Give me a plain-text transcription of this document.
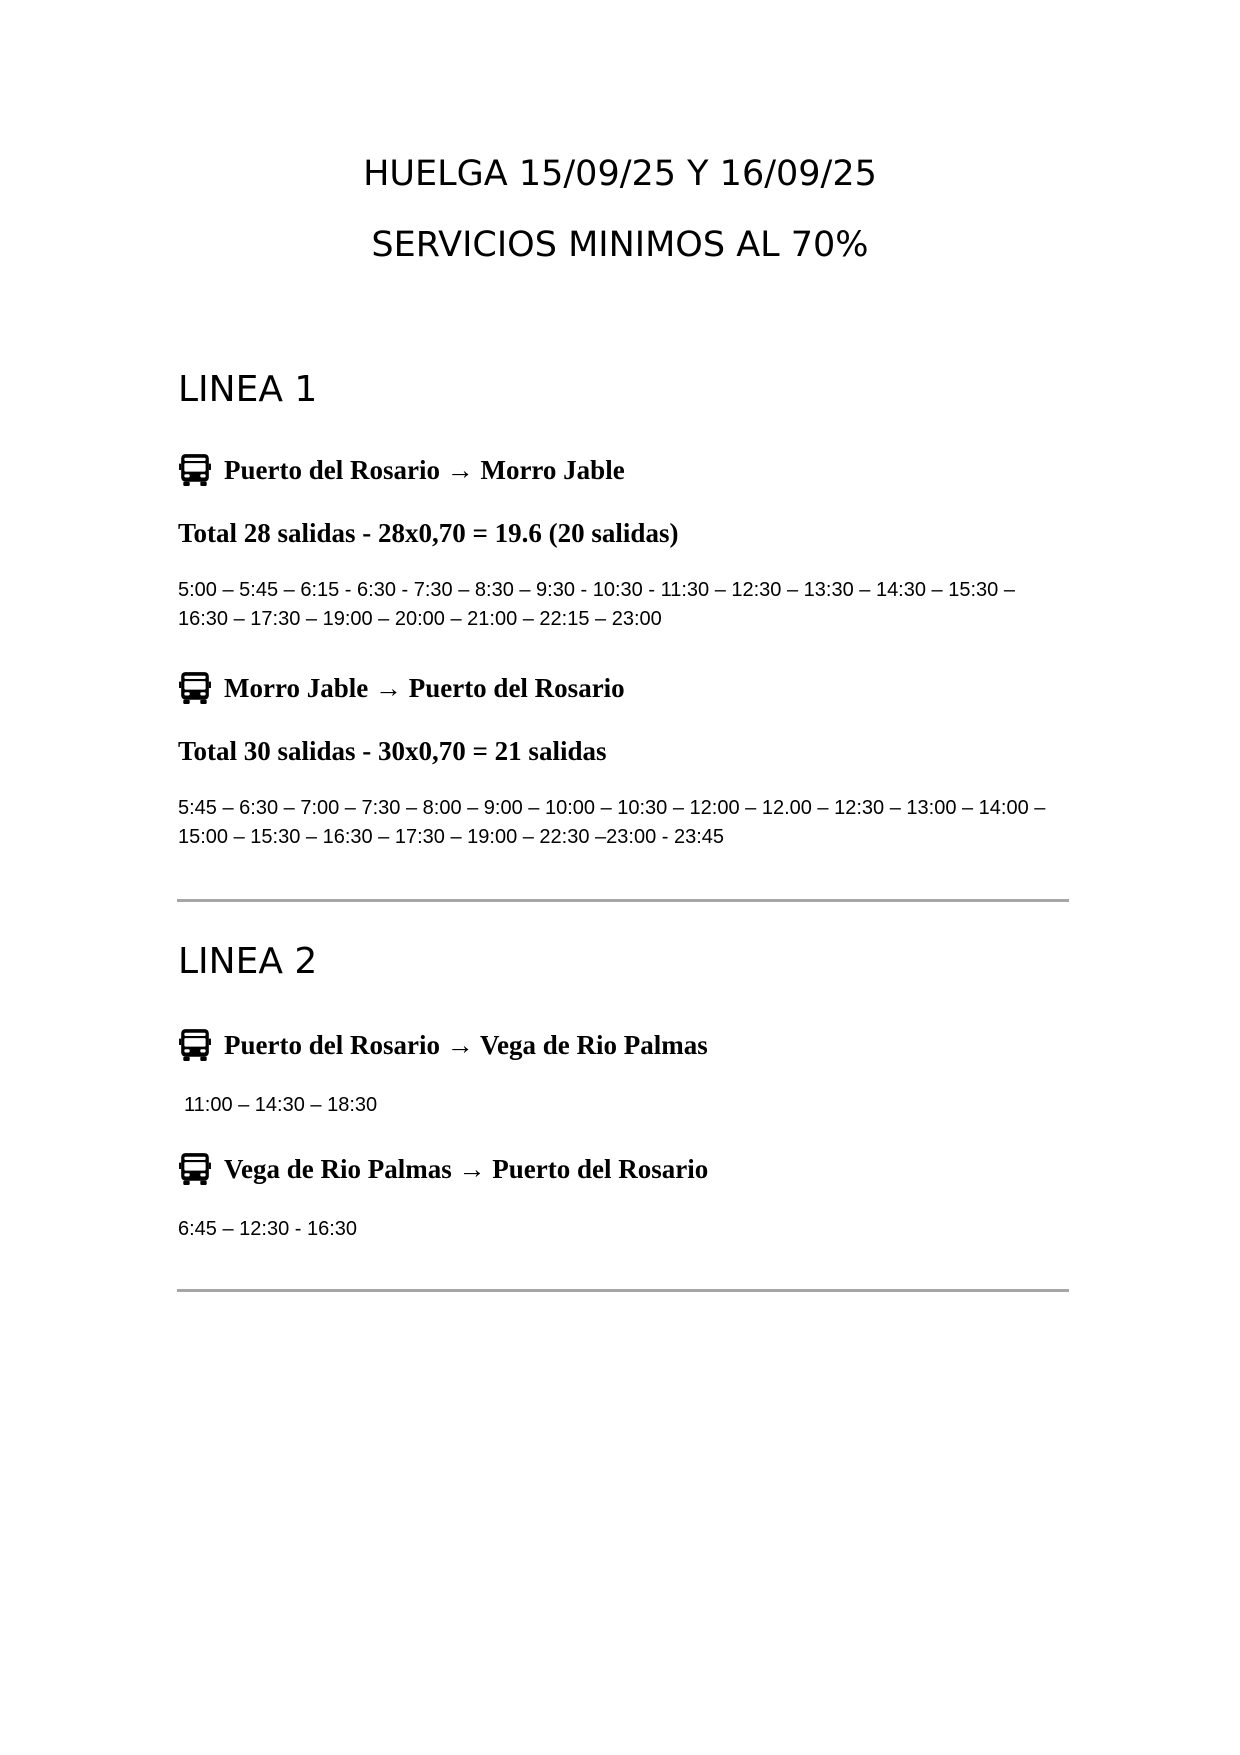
HUELGA 15/09/25 Y 16/09/25
SERVICIOS MINIMOS AL 70%
LINEA 1
Puerto del Rosario → Morro Jable
Total 28 salidas - 28x0,70 = 19.6 (20 salidas)
5:00 – 5:45 – 6:15 - 6:30 - 7:30 – 8:30 – 9:30 - 10:30 - 11:30 – 12:30 – 13:30 – 14:30 – 15:30 – 16:30 – 17:30 – 19:00 – 20:00 – 21:00 – 22:15 – 23:00
Morro Jable → Puerto del Rosario
Total 30 salidas - 30x0,70 = 21 salidas
5:45 – 6:30 – 7:00 – 7:30 – 8:00 – 9:00 – 10:00 – 10:30 – 12:00 – 12.00 – 12:30 – 13:00 – 14:00 – 15:00 – 15:30 – 16:30 – 17:30 – 19:00 – 22:30 –23:00 - 23:45
LINEA 2
Puerto del Rosario → Vega de Rio Palmas
11:00 – 14:30 – 18:30
Vega de Rio Palmas → Puerto del Rosario
6:45 – 12:30 - 16:30
